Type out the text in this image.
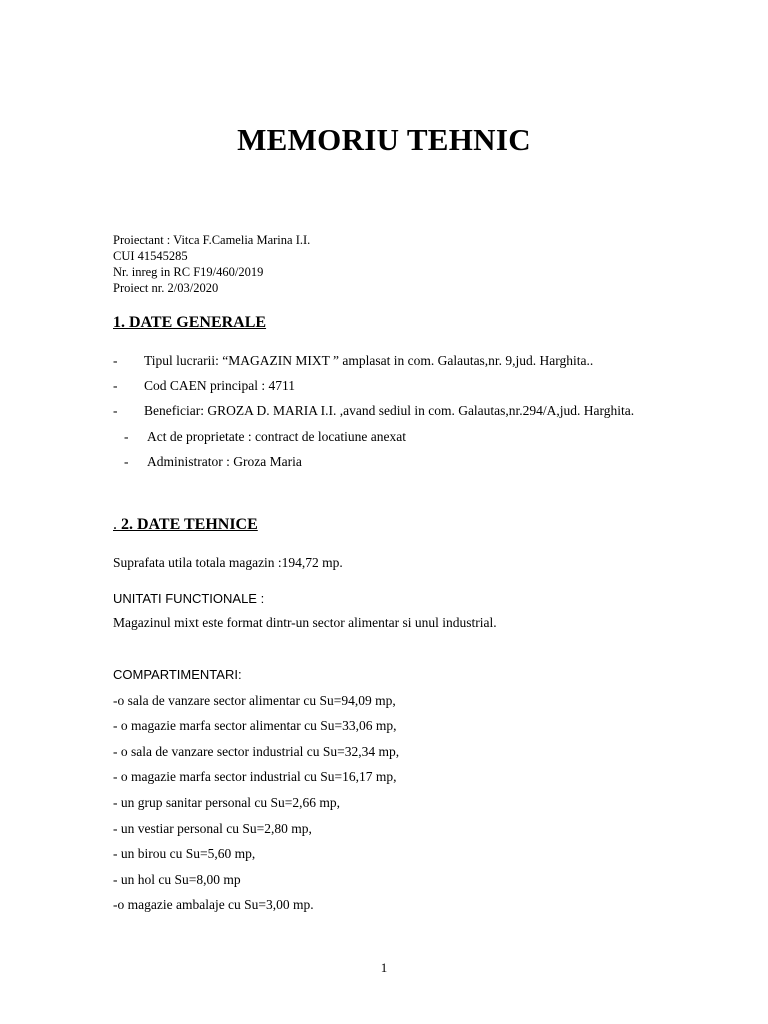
MEMORIU TEHNIC
Proiectant : Vitca F.Camelia Marina I.I.
CUI 41545285
Nr. inreg in RC F19/460/2019
Proiect nr. 2/03/2020
1. DATE GENERALE
- Tipul lucrarii: “MAGAZIN MIXT ” amplasat in com. Galautas,nr. 9,jud. Harghita..
- Cod CAEN principal : 4711
- Beneficiar: GROZA D. MARIA I.I. ,avand sediul in com. Galautas,nr.294/A,jud. Harghita.
- Act de proprietate : contract de locatiune anexat
- Administrator : Groza Maria
. 2. DATE TEHNICE
Suprafata utila totala magazin :194,72 mp.
UNITATI FUNCTIONALE :
Magazinul mixt este format dintr-un sector alimentar si unul industrial.
COMPARTIMENTARI:
-o sala de vanzare sector alimentar cu Su=94,09 mp,
- o magazie marfa sector alimentar cu Su=33,06 mp,
- o sala de vanzare sector industrial cu Su=32,34 mp,
- o magazie marfa sector industrial cu Su=16,17 mp,
- un grup sanitar personal cu Su=2,66 mp,
- un vestiar personal cu Su=2,80 mp,
- un birou cu Su=5,60 mp,
- un hol cu Su=8,00 mp
-o magazie ambalaje cu Su=3,00 mp.
1
